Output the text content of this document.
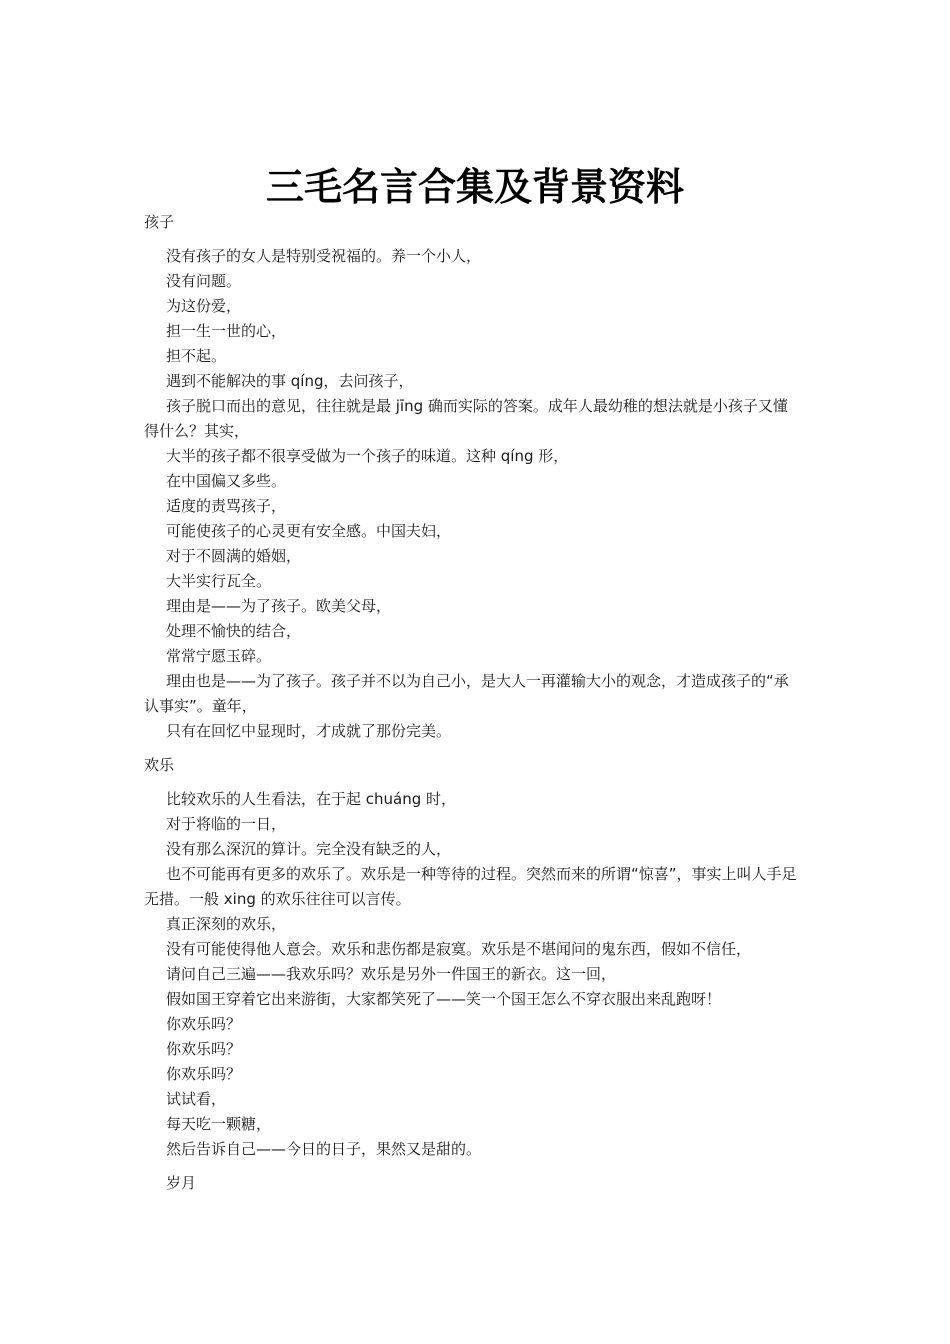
三毛名言合集及背景资料
孩子

没有孩子的女人是特别受祝福的。养一个小人，

没有问题。

为这份爱，

担一生一世的心，

担不起。

遇到不能解决的事 qíng，去问孩子，

孩子脱口而出的意见，往往就是最 jīng 确而实际的答案。成年人最幼稚的想法就是小孩子又懂得什么？其实，

大半的孩子都不很享受做为一个孩子的味道。这种 qíng 形，

在中国偏又多些。

适度的责骂孩子，

可能使孩子的心灵更有安全感。中国夫妇，

对于不圆满的婚姻，

大半实行瓦全。

理由是——为了孩子。欧美父母，

处理不愉快的结合，

常常宁愿玉碎。

理由也是——为了孩子。孩子并不以为自己小，是大人一再灌输大小的观念，才造成孩子的“承认事实”。童年，

只有在回忆中显现时，才成就了那份完美。

欢乐

比较欢乐的人生看法，在于起 chuáng 时，

对于将临的一日，

没有那么深沉的算计。完全没有缺乏的人，

也不可能再有更多的欢乐了。欢乐是一种等待的过程。突然而来的所谓“惊喜”，事实上叫人手足无措。一般 xing 的欢乐往往可以言传。

真正深刻的欢乐，

没有可能使得他人意会。欢乐和悲伤都是寂寞。欢乐是不堪闻问的鬼东西，假如不信任，

请问自己三遍——我欢乐吗？欢乐是另外一件国王的新衣。这一回，

假如国王穿着它出来游街，大家都笑死了——笑一个国王怎么不穿衣服出来乱跑呀！

你欢乐吗？

你欢乐吗？

你欢乐吗？

试试看，

每天吃一颗糖，

然后告诉自己——今日的日子，果然又是甜的。

岁月
